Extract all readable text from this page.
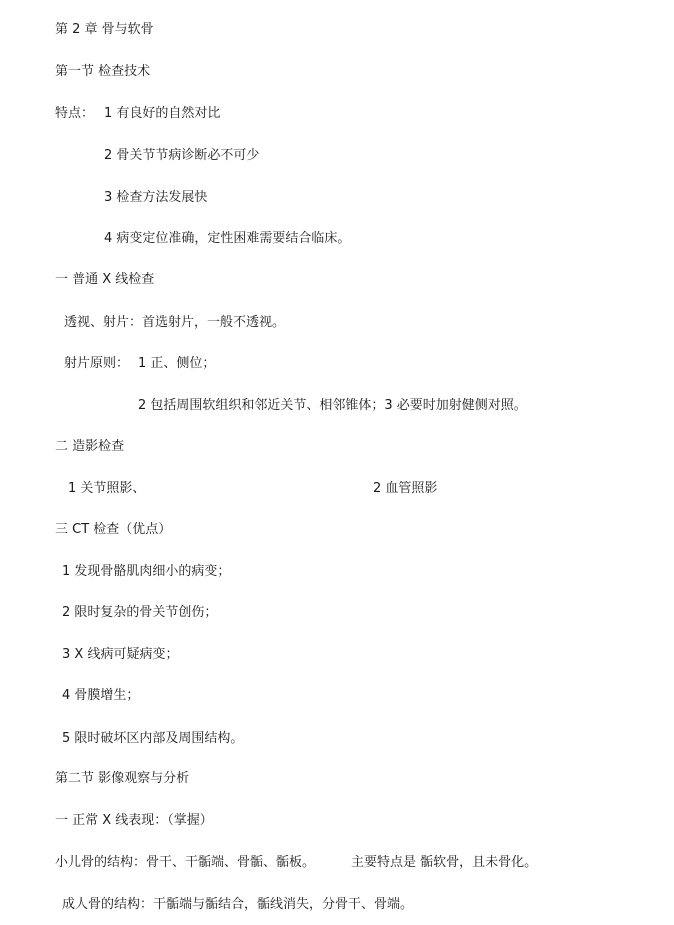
第 2 章 骨与软骨
第一节 检查技术
特点： 1 有良好的自然对比
2 骨关节节病诊断必不可少
3 检查方法发展快
4 病变定位准确，定性困难需要结合临床。
一 普通 X 线检查
透视、射片：首选射片，一般不透视。
射片原则： 1 正、侧位；
2 包括周围软组织和邻近关节、相邻锥体；3 必要时加射健侧对照。
二 造影检查
1 关节照影、	2 血管照影
三 CT 检查（优点）
1 发现骨骼肌肉细小的病变；
2 限时复杂的骨关节创伤；
3 X 线病可疑病变；
4 骨膜增生；
5 限时破坏区内部及周围结构。
第二节 影像观察与分析
一 正常 X 线表现：（掌握）
小儿骨的结构：骨干、干骺端、骨骺、骺板。	主要特点是 骺软骨，且未骨化。
成人骨的结构：干骺端与骺结合，骺线消失，分骨干、骨端。
